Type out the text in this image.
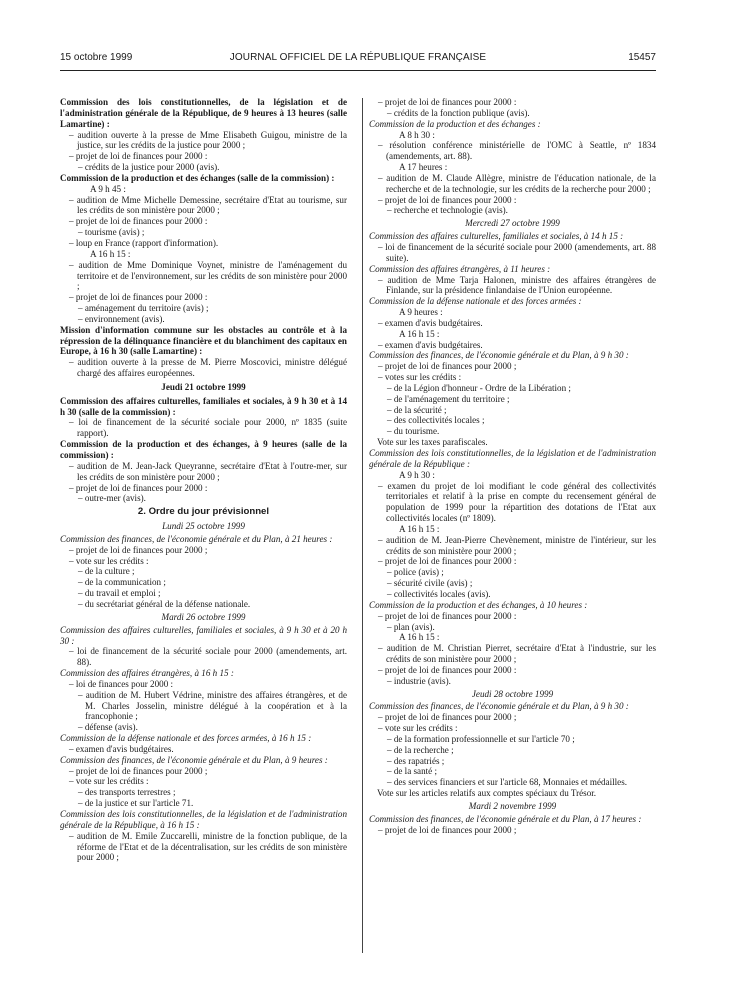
15 octobre 1999	JOURNAL OFFICIEL DE LA RÉPUBLIQUE FRANÇAISE	15457
Commission des lois constitutionnelles, de la législation et de l'administration générale de la République, de 9 heures à 13 heures (salle Lamartine) :
– audition ouverte à la presse de Mme Elisabeth Guigou, ministre de la justice, sur les crédits de la justice pour 2000 ;
– projet de loi de finances pour 2000 :
– crédits de la justice pour 2000 (avis).
Commission de la production et des échanges (salle de la commission) :
A 9 h 45 :
– audition de Mme Michelle Demessine, secrétaire d'Etat au tourisme, sur les crédits de son ministère pour 2000 ;
– projet de loi de finances pour 2000 :
– tourisme (avis) ;
– loup en France (rapport d'information).
A 16 h 15 :
– audition de Mme Dominique Voynet, ministre de l'aménagement du territoire et de l'environnement, sur les crédits de son ministère pour 2000 ;
– projet de loi de finances pour 2000 :
– aménagement du territoire (avis) ;
– environnement (avis).
Mission d'information commune sur les obstacles au contrôle et à la répression de la délinquance financière et du blanchiment des capitaux en Europe, à 16 h 30 (salle Lamartine) :
– audition ouverte à la presse de M. Pierre Moscovici, ministre délégué chargé des affaires européennes.
Jeudi 21 octobre 1999
Commission des affaires culturelles, familiales et sociales, à 9 h 30 et à 14 h 30 (salle de la commission) :
– loi de financement de la sécurité sociale pour 2000, nº 1835 (suite rapport).
Commission de la production et des échanges, à 9 heures (salle de la commission) :
– audition de M. Jean-Jack Queyranne, secrétaire d'Etat à l'outre-mer, sur les crédits de son ministère pour 2000 ;
– projet de loi de finances pour 2000 :
– outre-mer (avis).
2. Ordre du jour prévisionnel
Lundi 25 octobre 1999
Commission des finances, de l'économie générale et du Plan, à 21 heures :
– projet de loi de finances pour 2000 ;
– vote sur les crédits :
– de la culture ;
– de la communication ;
– du travail et emploi ;
– du secrétariat général de la défense nationale.
Mardi 26 octobre 1999
Commission des affaires culturelles, familiales et sociales, à 9 h 30 et à 20 h 30 :
– loi de financement de la sécurité sociale pour 2000 (amendements, art. 88).
Commission des affaires étrangères, à 16 h 15 :
– loi de finances pour 2000 :
– audition de M. Hubert Védrine, ministre des affaires étrangères, et de M. Charles Josselin, ministre délégué à la coopération et à la francophonie ;
– défense (avis).
Commission de la défense nationale et des forces armées, à 16 h 15 :
– examen d'avis budgétaires.
Commission des finances, de l'économie générale et du Plan, à 9 heures :
– projet de loi de finances pour 2000 ;
– vote sur les crédits :
– des transports terrestres ;
– de la justice et sur l'article 71.
Commission des lois constitutionnelles, de la législation et de l'administration générale de la République, à 16 h 15 :
– audition de M. Emile Zuccarelli, ministre de la fonction publique, de la réforme de l'Etat et de la décentralisation, sur les crédits de son ministère pour 2000 ;
– projet de loi de finances pour 2000 :
– crédits de la fonction publique (avis).
Commission de la production et des échanges :
A 8 h 30 :
– résolution conférence ministérielle de l'OMC à Seattle, nº 1834 (amendements, art. 88).
A 17 heures :
– audition de M. Claude Allègre, ministre de l'éducation nationale, de la recherche et de la technologie, sur les crédits de la recherche pour 2000 ;
– projet de loi de finances pour 2000 :
– recherche et technologie (avis).
Mercredi 27 octobre 1999
Commission des affaires culturelles, familiales et sociales, à 14 h 15 :
– loi de financement de la sécurité sociale pour 2000 (amendements, art. 88 suite).
Commission des affaires étrangères, à 11 heures :
– audition de Mme Tarja Halonen, ministre des affaires étrangères de Finlande, sur la présidence finlandaise de l'Union européenne.
Commission de la défense nationale et des forces armées :
A 9 heures :
– examen d'avis budgétaires.
A 16 h 15 :
– examen d'avis budgétaires.
Commission des finances, de l'économie générale et du Plan, à 9 h 30 :
– projet de loi de finances pour 2000 ;
– votes sur les crédits :
– de la Légion d'honneur - Ordre de la Libération ;
– de l'aménagement du territoire ;
– de la sécurité ;
– des collectivités locales ;
– du tourisme.
Vote sur les taxes parafiscales.
Commission des lois constitutionnelles, de la législation et de l'administration générale de la République :
A 9 h 30 :
– examen du projet de loi modifiant le code général des collectivités territoriales et relatif à la prise en compte du recensement général de population de 1999 pour la répartition des dotations de l'Etat aux collectivités locales (nº 1809).
A 16 h 15 :
– audition de M. Jean-Pierre Chevènement, ministre de l'intérieur, sur les crédits de son ministère pour 2000 ;
– projet de loi de finances pour 2000 :
– police (avis) ;
– sécurité civile (avis) ;
– collectivités locales (avis).
Commission de la production et des échanges, à 10 heures :
– projet de loi de finances pour 2000 :
– plan (avis).
A 16 h 15 :
– audition de M. Christian Pierret, secrétaire d'Etat à l'industrie, sur les crédits de son ministère pour 2000 ;
– projet de loi de finances pour 2000 :
– industrie (avis).
Jeudi 28 octobre 1999
Commission des finances, de l'économie générale et du Plan, à 9 h 30 :
– projet de loi de finances pour 2000 ;
– vote sur les crédits :
– de la formation professionnelle et sur l'article 70 ;
– de la recherche ;
– des rapatriés ;
– de la santé ;
– des services financiers et sur l'article 68, Monnaies et médailles.
Vote sur les articles relatifs aux comptes spéciaux du Trésor.
Mardi 2 novembre 1999
Commission des finances, de l'économie générale et du Plan, à 17 heures :
– projet de loi de finances pour 2000 ;
